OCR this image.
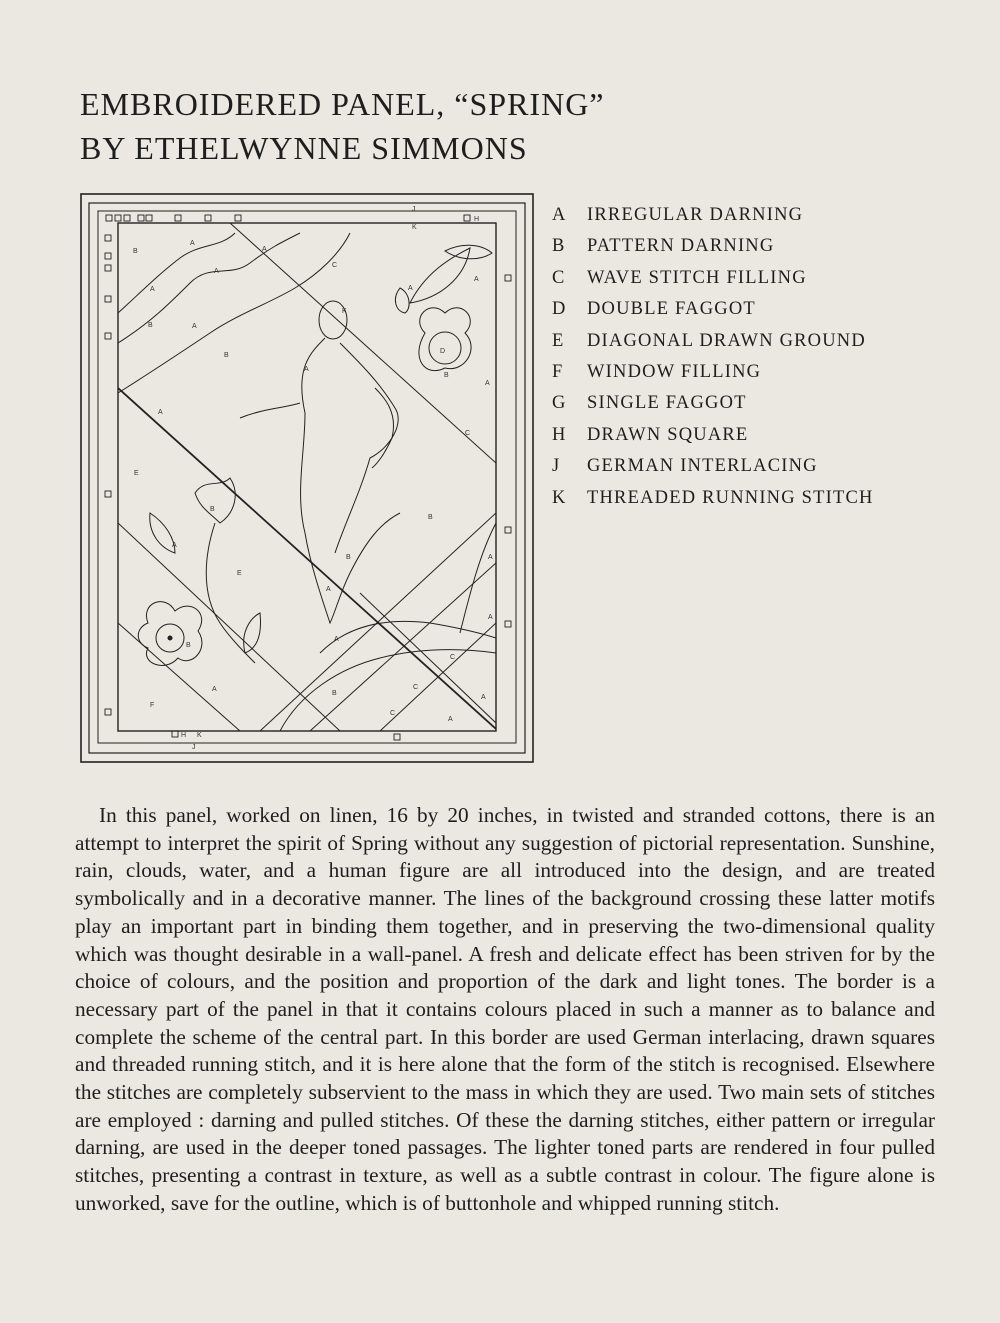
EMBROIDERED PANEL, “SPRING”
BY ETHELWYNNE SIMMONS
B
A
A
C
A
A
B	A
B
K
A
A
A
D
B
A
A
C
E
B
B
A
E
B	A
A
A
B
A
C
B
A	C
A
F
C
A
J
K
H
H K
J
A IRREGULAR DARNING
B PATTERN DARNING
C WAVE STITCH FILLING
D DOUBLE FAGGOT
E DIAGONAL DRAWN GROUND
F WINDOW FILLING
G SINGLE FAGGOT
H DRAWN SQUARE
J GERMAN INTERLACING
K THREADED RUNNING STITCH

In this panel, worked on linen, 16 by 20 inches, in twisted and stranded cottons, there is an attempt to interpret the spirit of Spring without any suggestion of pictorial representation. Sunshine, rain, clouds, water, and a human figure are all introduced into the design, and are treated symbolically and in a decorative manner. The lines of the background crossing these latter motifs play an important part in binding them together, and in preserving the two-dimensional quality which was thought desirable in a wall-panel. A fresh and delicate effect has been striven for by the choice of colours, and the position and proportion of the dark and light tones. The border is a necessary part of the panel in that it contains colours placed in such a manner as to balance and complete the scheme of the central part. In this border are used German interlacing, drawn squares and threaded running stitch, and it is here alone that the form of the stitch is recognised. Elsewhere the stitches are completely subservient to the mass in which they are used. Two main sets of stitches are employed : darning and pulled stitches. Of these the darning stitches, either pattern or irregular darning, are used in the deeper toned passages. The lighter toned parts are rendered in four pulled stitches, presenting a contrast in texture, as well as a subtle contrast in colour. The figure alone is unworked, save for the outline, which is of buttonhole and whipped running stitch.
